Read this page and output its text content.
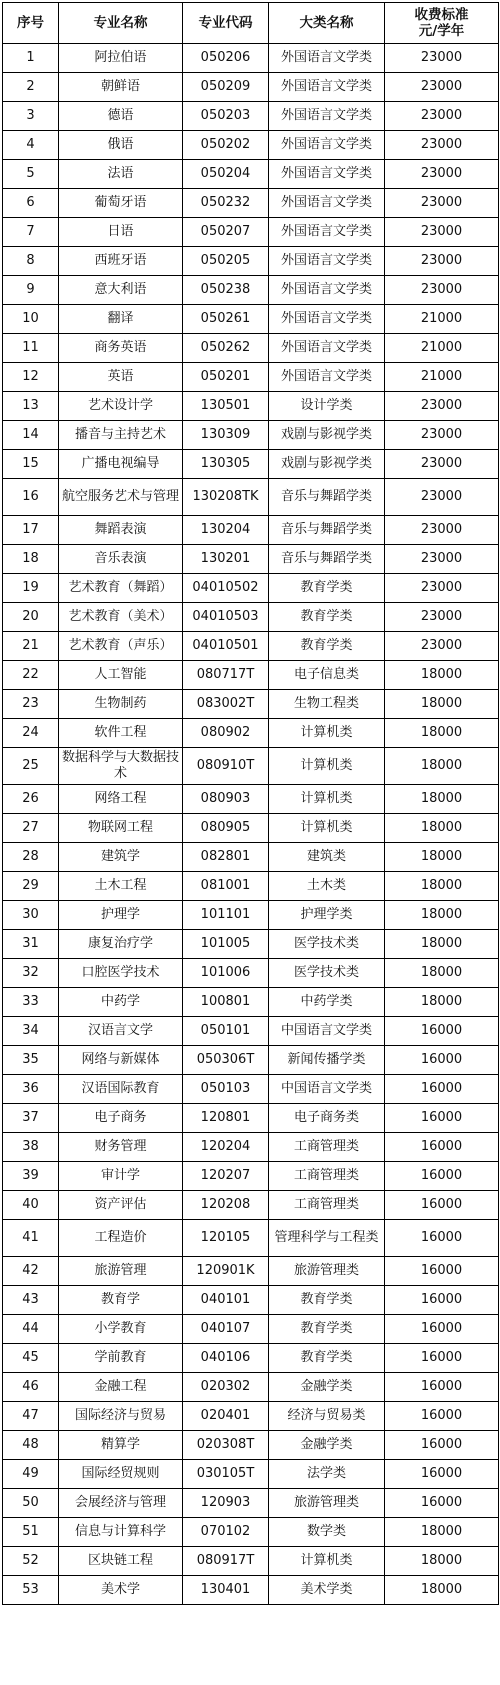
序号	专业名称	专业代码	大类名称	收费标准
元/学年

1	阿拉伯语	050206	外国语言文学类	23000
2	朝鲜语	050209	外国语言文学类	23000
3	德语	050203	外国语言文学类	23000
4	俄语	050202	外国语言文学类	23000
5	法语	050204	外国语言文学类	23000
6	葡萄牙语	050232	外国语言文学类	23000
7	日语	050207	外国语言文学类	23000
8	西班牙语	050205	外国语言文学类	23000
9	意大利语	050238	外国语言文学类	23000
10	翻译	050261	外国语言文学类	21000
11	商务英语	050262	外国语言文学类	21000
12	英语	050201	外国语言文学类	21000
13	艺术设计学	130501	设计学类	23000
14	播音与主持艺术	130309	戏剧与影视学类	23000
15	广播电视编导	130305	戏剧与影视学类	23000
16	航空服务艺术与管理	130208TK	音乐与舞蹈学类	23000
17	舞蹈表演	130204	音乐与舞蹈学类	23000
18	音乐表演	130201	音乐与舞蹈学类	23000
19	艺术教育（舞蹈）	04010502	教育学类	23000
20	艺术教育（美术）	04010503	教育学类	23000
21	艺术教育（声乐）	04010501	教育学类	23000
22	人工智能	080717T	电子信息类	18000
23	生物制药	083002T	生物工程类	18000
24	软件工程	080902	计算机类	18000
25	数据科学与大数据技术	080910T	计算机类	18000
26	网络工程	080903	计算机类	18000
27	物联网工程	080905	计算机类	18000
28	建筑学	082801	建筑类	18000
29	土木工程	081001	土木类	18000
30	护理学	101101	护理学类	18000
31	康复治疗学	101005	医学技术类	18000
32	口腔医学技术	101006	医学技术类	18000
33	中药学	100801	中药学类	18000
34	汉语言文学	050101	中国语言文学类	16000
35	网络与新媒体	050306T	新闻传播学类	16000
36	汉语国际教育	050103	中国语言文学类	16000
37	电子商务	120801	电子商务类	16000
38	财务管理	120204	工商管理类	16000
39	审计学	120207	工商管理类	16000
40	资产评估	120208	工商管理类	16000
41	工程造价	120105	管理科学与工程类	16000
42	旅游管理	120901K	旅游管理类	16000
43	教育学	040101	教育学类	16000
44	小学教育	040107	教育学类	16000
45	学前教育	040106	教育学类	16000
46	金融工程	020302	金融学类	16000
47	国际经济与贸易	020401	经济与贸易类	16000
48	精算学	020308T	金融学类	16000
49	国际经贸规则	030105T	法学类	16000
50	会展经济与管理	120903	旅游管理类	16000
51	信息与计算科学	070102	数学类	18000
52	区块链工程	080917T	计算机类	18000
53	美术学	130401	美术学类	18000
